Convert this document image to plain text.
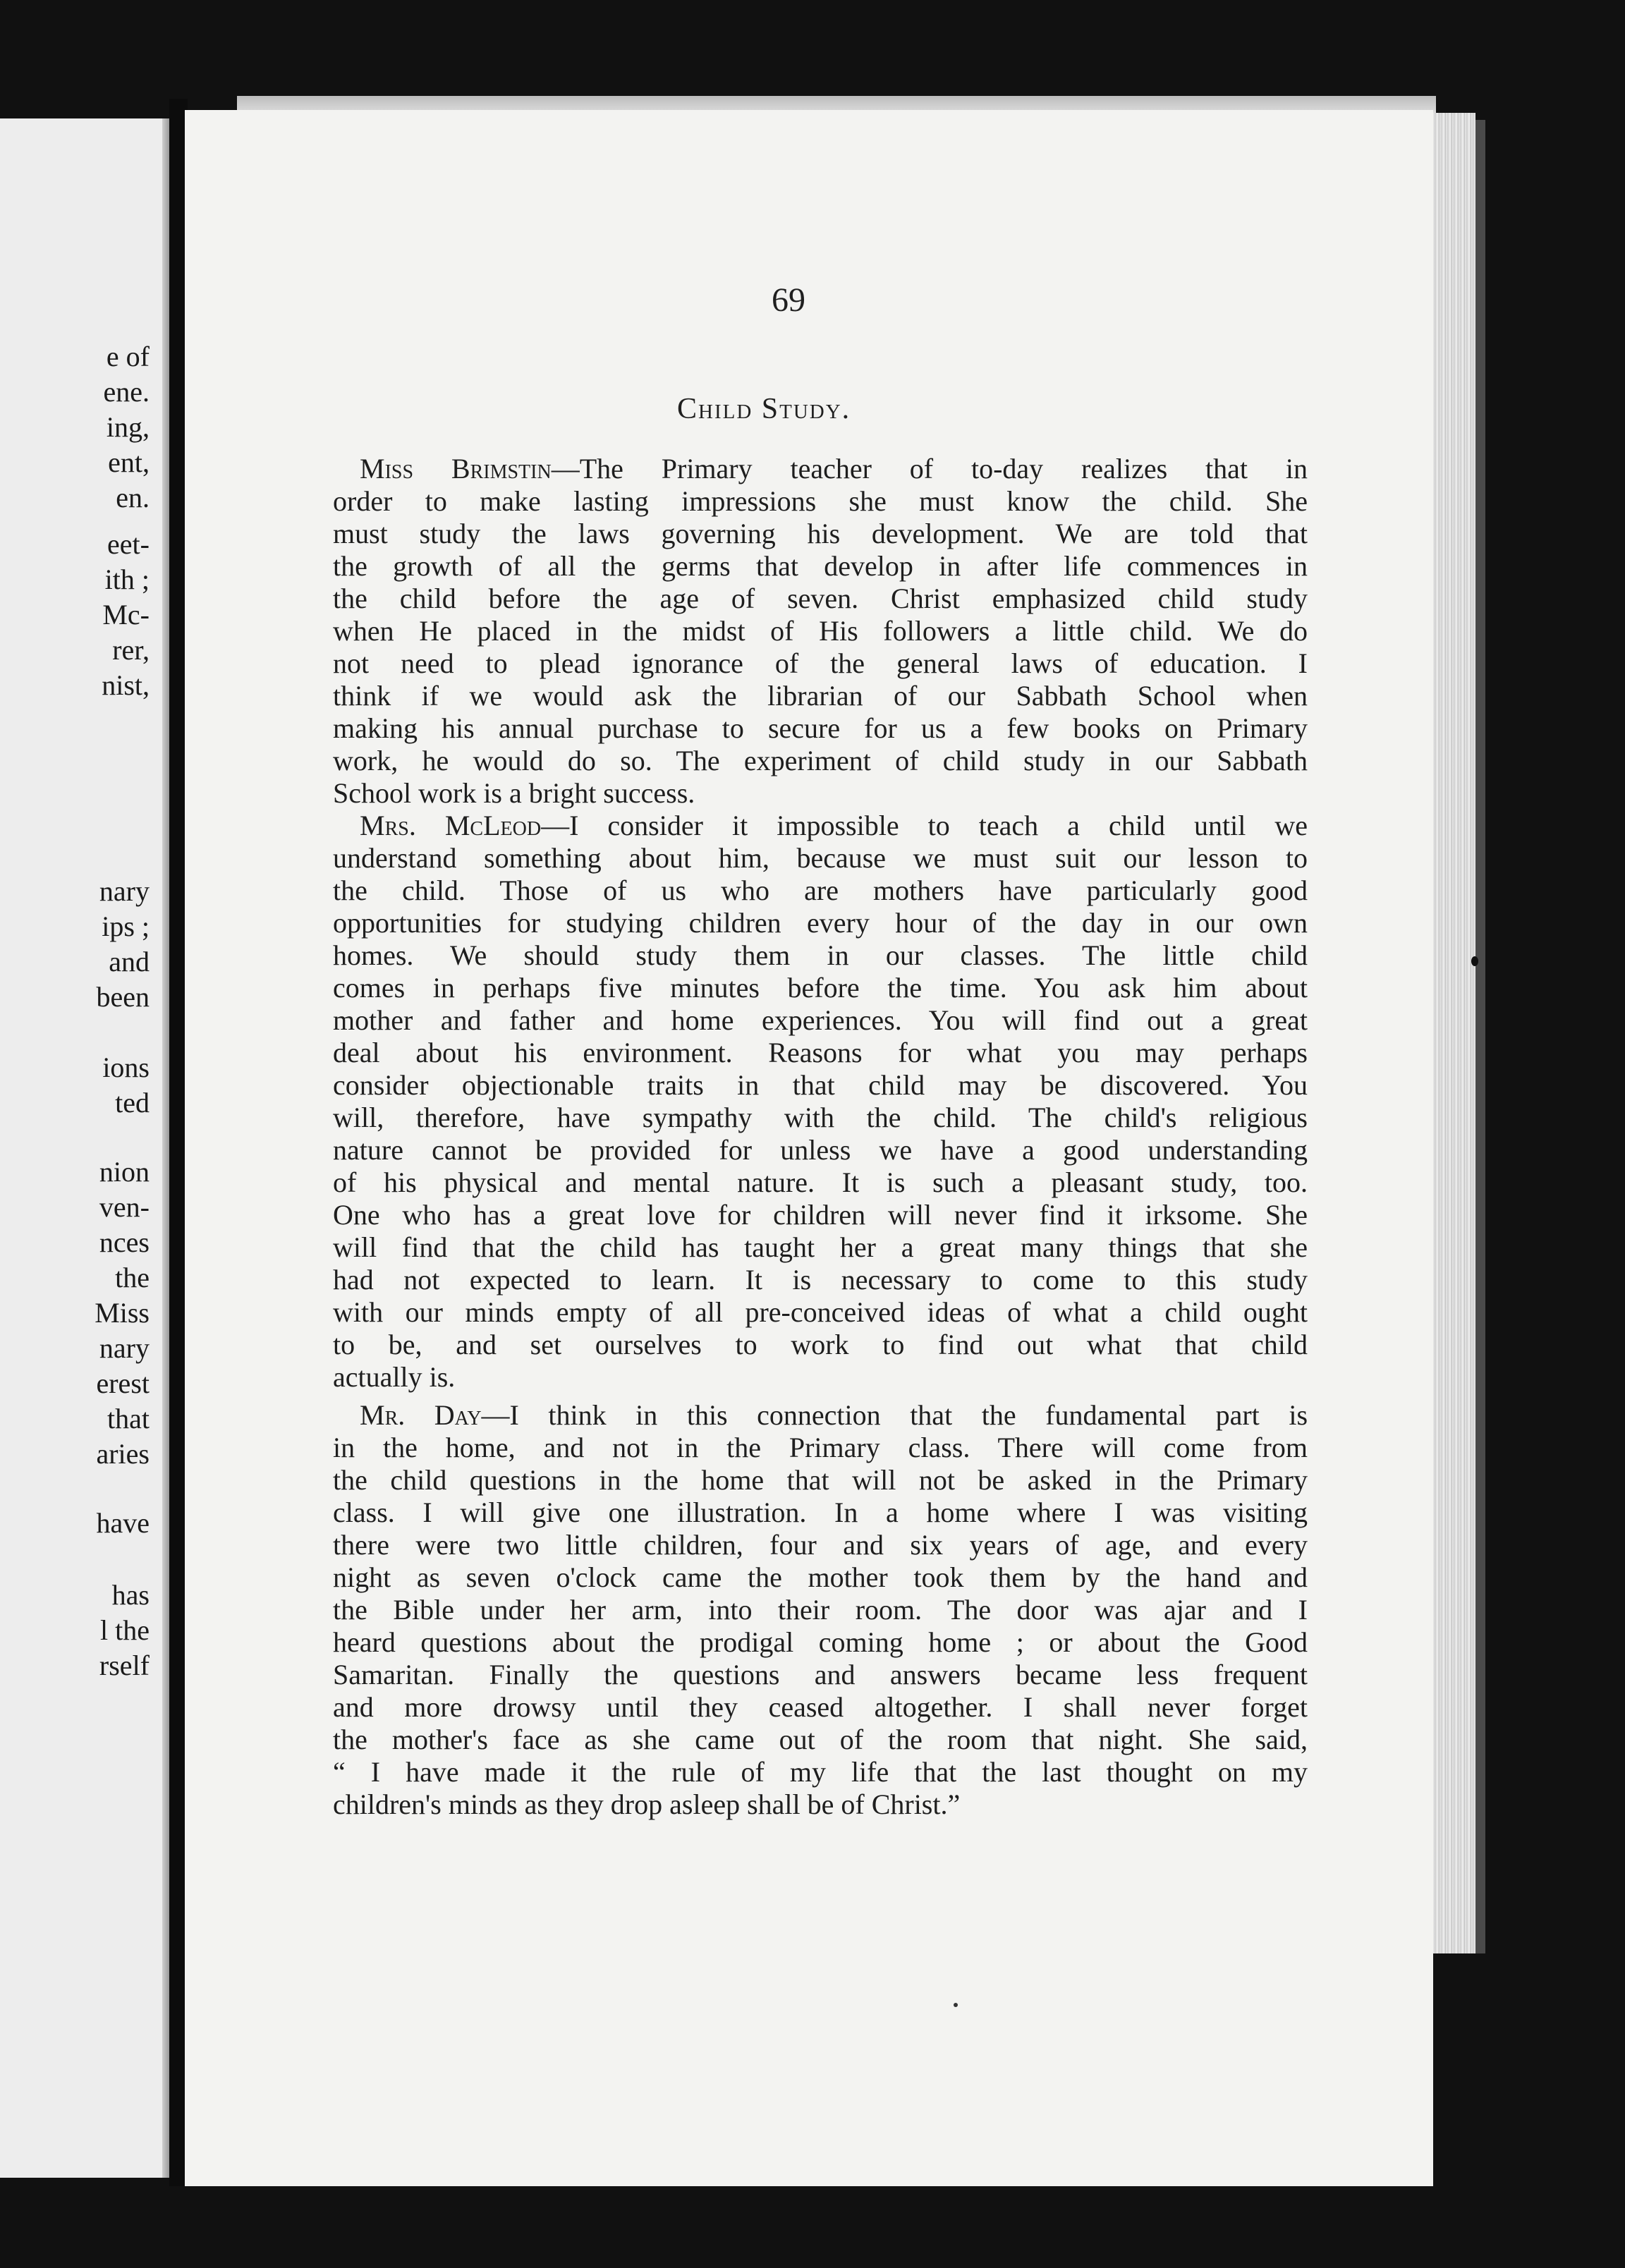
e of
ene.
ing,
ent,
en.
eet-
ith ;
Mc-
rer,
nist,
nary
ips ;
and
been
ions
ted
nion
ven-
nces
the
Miss
nary
erest
that
aries
have
has
l the
rself
69
Child Study.
Miss Brimstin—The Primary teacher of to-day realizes that in
order to make lasting impressions she must know the child. She
must study the laws governing his development. We are told that
the growth of all the germs that develop in after life commences in
the child before the age of seven. Christ emphasized child study
when He placed in the midst of His followers a little child. We do
not need to plead ignorance of the general laws of education. I
think if we would ask the librarian of our Sabbath School when
making his annual purchase to secure for us a few books on Primary
work, he would do so. The experiment of child study in our Sabbath
School work is a bright success.
Mrs. McLeod—I consider it impossible to teach a child until we
understand something about him, because we must suit our lesson to
the child. Those of us who are mothers have particularly good
opportunities for studying children every hour of the day in our own
homes. We should study them in our classes. The little child
comes in perhaps five minutes before the time. You ask him about
mother and father and home experiences. You will find out a great
deal about his environment. Reasons for what you may perhaps
consider objectionable traits in that child may be discovered. You
will, therefore, have sympathy with the child. The child's religious
nature cannot be provided for unless we have a good understanding
of his physical and mental nature. It is such a pleasant study, too.
One who has a great love for children will never find it irksome. She
will find that the child has taught her a great many things that she
had not expected to learn. It is necessary to come to this study
with our minds empty of all pre-conceived ideas of what a child ought
to be, and set ourselves to work to find out what that child
actually is.
Mr. Day—I think in this connection that the fundamental part is
in the home, and not in the Primary class. There will come from
the child questions in the home that will not be asked in the Primary
class. I will give one illustration. In a home where I was visiting
there were two little children, four and six years of age, and every
night as seven o'clock came the mother took them by the hand and
the Bible under her arm, into their room. The door was ajar and I
heard questions about the prodigal coming home ; or about the Good
Samaritan. Finally the questions and answers became less frequent
and more drowsy until they ceased altogether. I shall never forget
the mother's face as she came out of the room that night. She said,
“ I have made it the rule of my life that the last thought on my
children's minds as they drop asleep shall be of Christ.”
